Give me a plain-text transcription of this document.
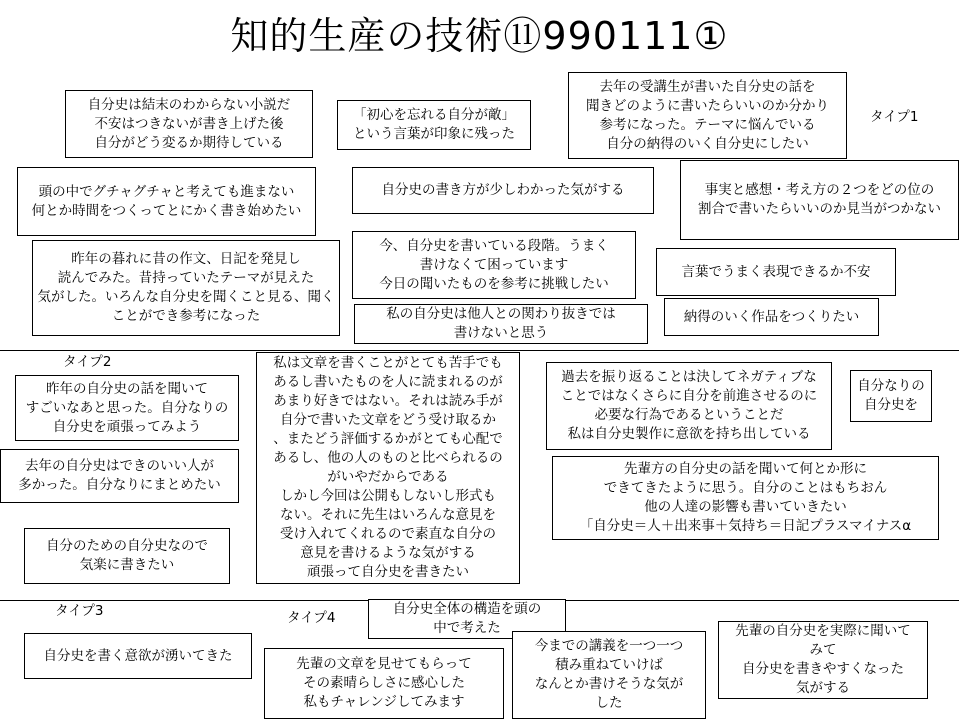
知的生産の技術⑪990111①
タイプ1
タイプ2
タイプ3	タイプ4
自分史は結末のわからない小説だ
不安はつきないが書き上げた後
自分がどう変るか期待している
「初心を忘れる自分が敵」
という言葉が印象に残った
去年の受講生が書いた自分史の話を
聞きどのように書いたらいいのか分かり
参考になった。テーマに悩んでいる
自分の納得のいく自分史にしたい
頭の中でグチャグチャと考えても進まない
何とか時間をつくってとにかく書き始めたい
自分史の書き方が少しわかった気がする	事実と感想・考え方の２つをどの位の
割合で書いたらいいのか見当がつかない
昨年の暮れに昔の作文、日記を発見し
読んでみた。昔持っていたテーマが見えた
気がした。いろんな自分史を聞くこと見る、聞く
ことができ参考になった
今、自分史を書いている段階。うまく
書けなくて困っています
今日の聞いたものを参考に挑戦したい
言葉でうまく表現できるか不安
私の自分史は他人との関わり抜きでは
書けないと思う
納得のいく作品をつくりたい
昨年の自分史の話を聞いて
すごいなあと思った。自分なりの
自分史を頑張ってみよう
私は文章を書くことがとても苦手でも
あるし書いたものを人に読まれるのが
あまり好きではない。それは読み手が
自分で書いた文章をどう受け取るか
、またどう評価するかがとても心配で
あるし、他の人のものと比べられるの
がいやだからである
しかし今回は公開もしないし形式も
ない。それに先生はいろんな意見を
受け入れてくれるので素直な自分の
意見を書けるような気がする
頑張って自分史を書きたい
過去を振り返ることは決してネガティブな
ことではなくさらに自分を前進させるのに
必要な行為であるということだ
私は自分史製作に意欲を持ち出している
自分なりの
自分史を
去年の自分史はできのいい人が
多かった。自分なりにまとめたい
先輩方の自分史の話を聞いて何とか形に
できてきたように思う。自分のことはもちおん
他の人達の影響も書いていきたい
「自分史＝人＋出来事＋気持ち＝日記プラスマイナスα
自分のための自分史なので
気楽に書きたい
自分史全体の構造を頭の
中で考えた
自分史を書く意欲が湧いてきた
今までの講義を一つ一つ
積み重ねていけば
なんとか書けそうな気が
した
先輩の自分史を実際に聞いて
みて
自分史を書きやすくなった
気がする
先輩の文章を見せてもらって
その素晴らしさに感心した
私もチャレンジしてみます
